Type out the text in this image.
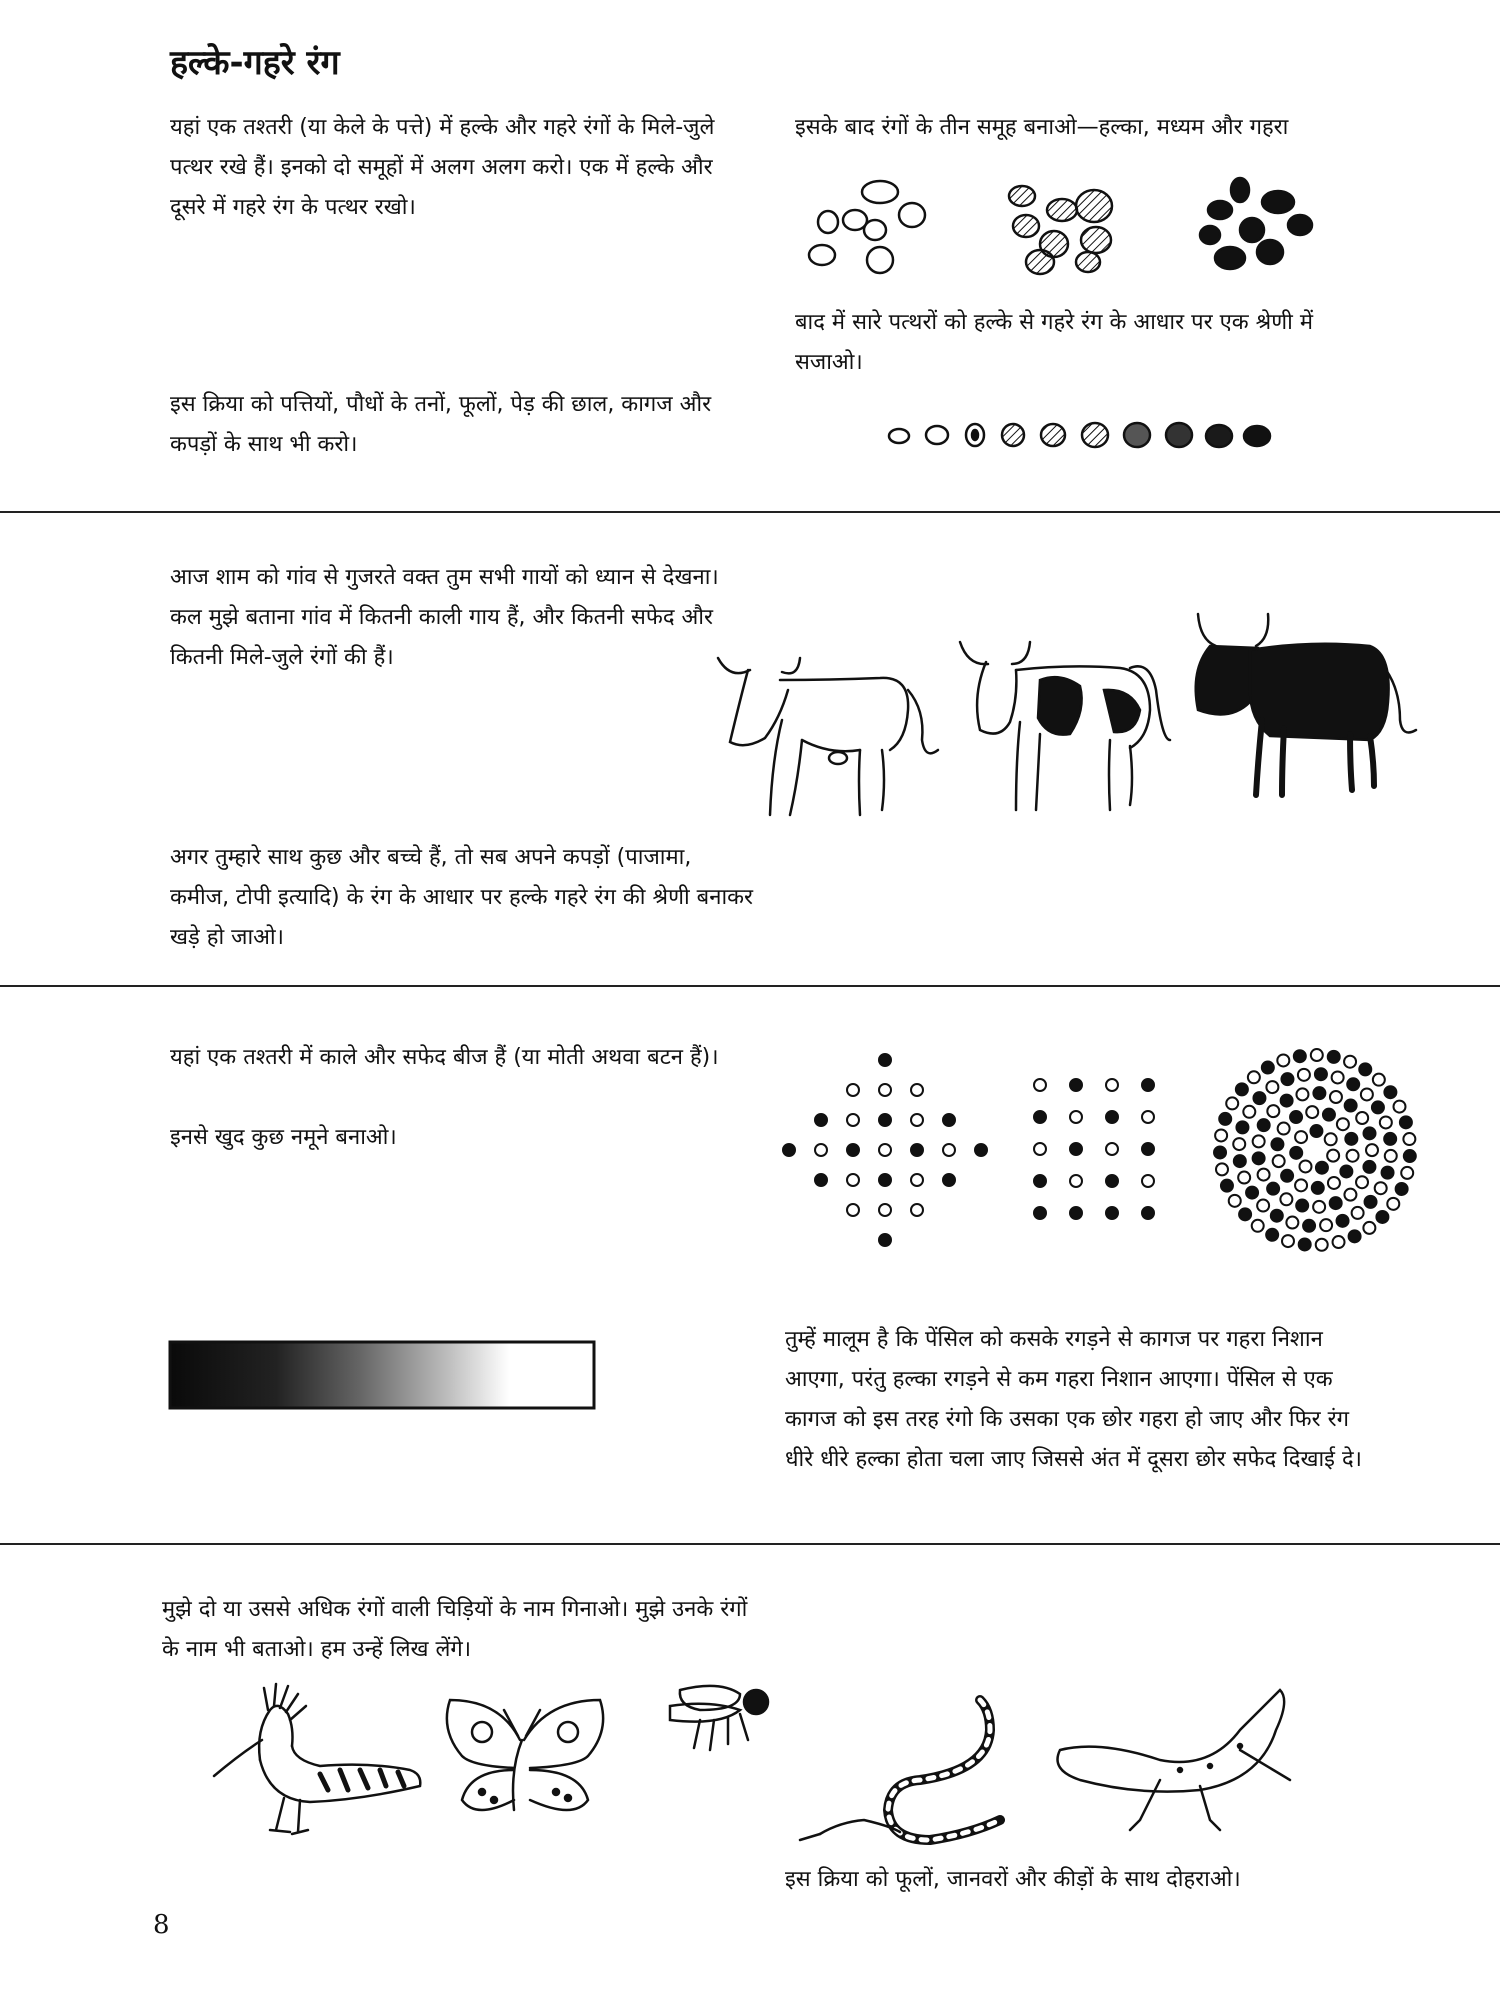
हल्के-गहरे रंग

यहां एक तश्तरी (या केले के पत्ते) में हल्के और गहरे रंगों के मिले-जुले पत्थर रखे हैं। इनको दो समूहों में अलग अलग करो। एक में हल्के और दूसरे में गहरे रंग के पत्थर रखो।

इस क्रिया को पत्तियों, पौधों के तनों, फूलों, पेड़ की छाल, कागज और कपड़ों के साथ भी करो।

इसके बाद रंगों के तीन समूह बनाओ—हल्का, मध्यम और गहरा

बाद में सारे पत्थरों को हल्के से गहरे रंग के आधार पर एक श्रेणी में सजाओ।

आज शाम को गांव से गुजरते वक्त तुम सभी गायों को ध्यान से देखना। कल मुझे बताना गांव में कितनी काली गाय हैं, और कितनी सफेद और कितनी मिले-जुले रंगों की हैं।

अगर तुम्हारे साथ कुछ और बच्चे हैं, तो सब अपने कपड़ों (पाजामा, कमीज, टोपी इत्यादि) के रंग के आधार पर हल्के गहरे रंग की श्रेणी बनाकर खड़े हो जाओ।

यहां एक तश्तरी में काले और सफेद बीज हैं (या मोती अथवा बटन हैं)।

इनसे खुद कुछ नमूने बनाओ।

तुम्हें मालूम है कि पेंसिल को कसके रगड़ने से कागज पर गहरा निशान आएगा, परंतु हल्का रगड़ने से कम गहरा निशान आएगा। पेंसिल से एक कागज को इस तरह रंगो कि उसका एक छोर गहरा हो जाए और फिर रंग धीरे धीरे हल्का होता चला जाए जिससे अंत में दूसरा छोर सफेद दिखाई दे।

मुझे दो या उससे अधिक रंगों वाली चिड़ियों के नाम गिनाओ। मुझे उनके रंगों के नाम भी बताओ। हम उन्हें लिख लेंगे।

इस क्रिया को फूलों, जानवरों और कीड़ों के साथ दोहराओ।

8
